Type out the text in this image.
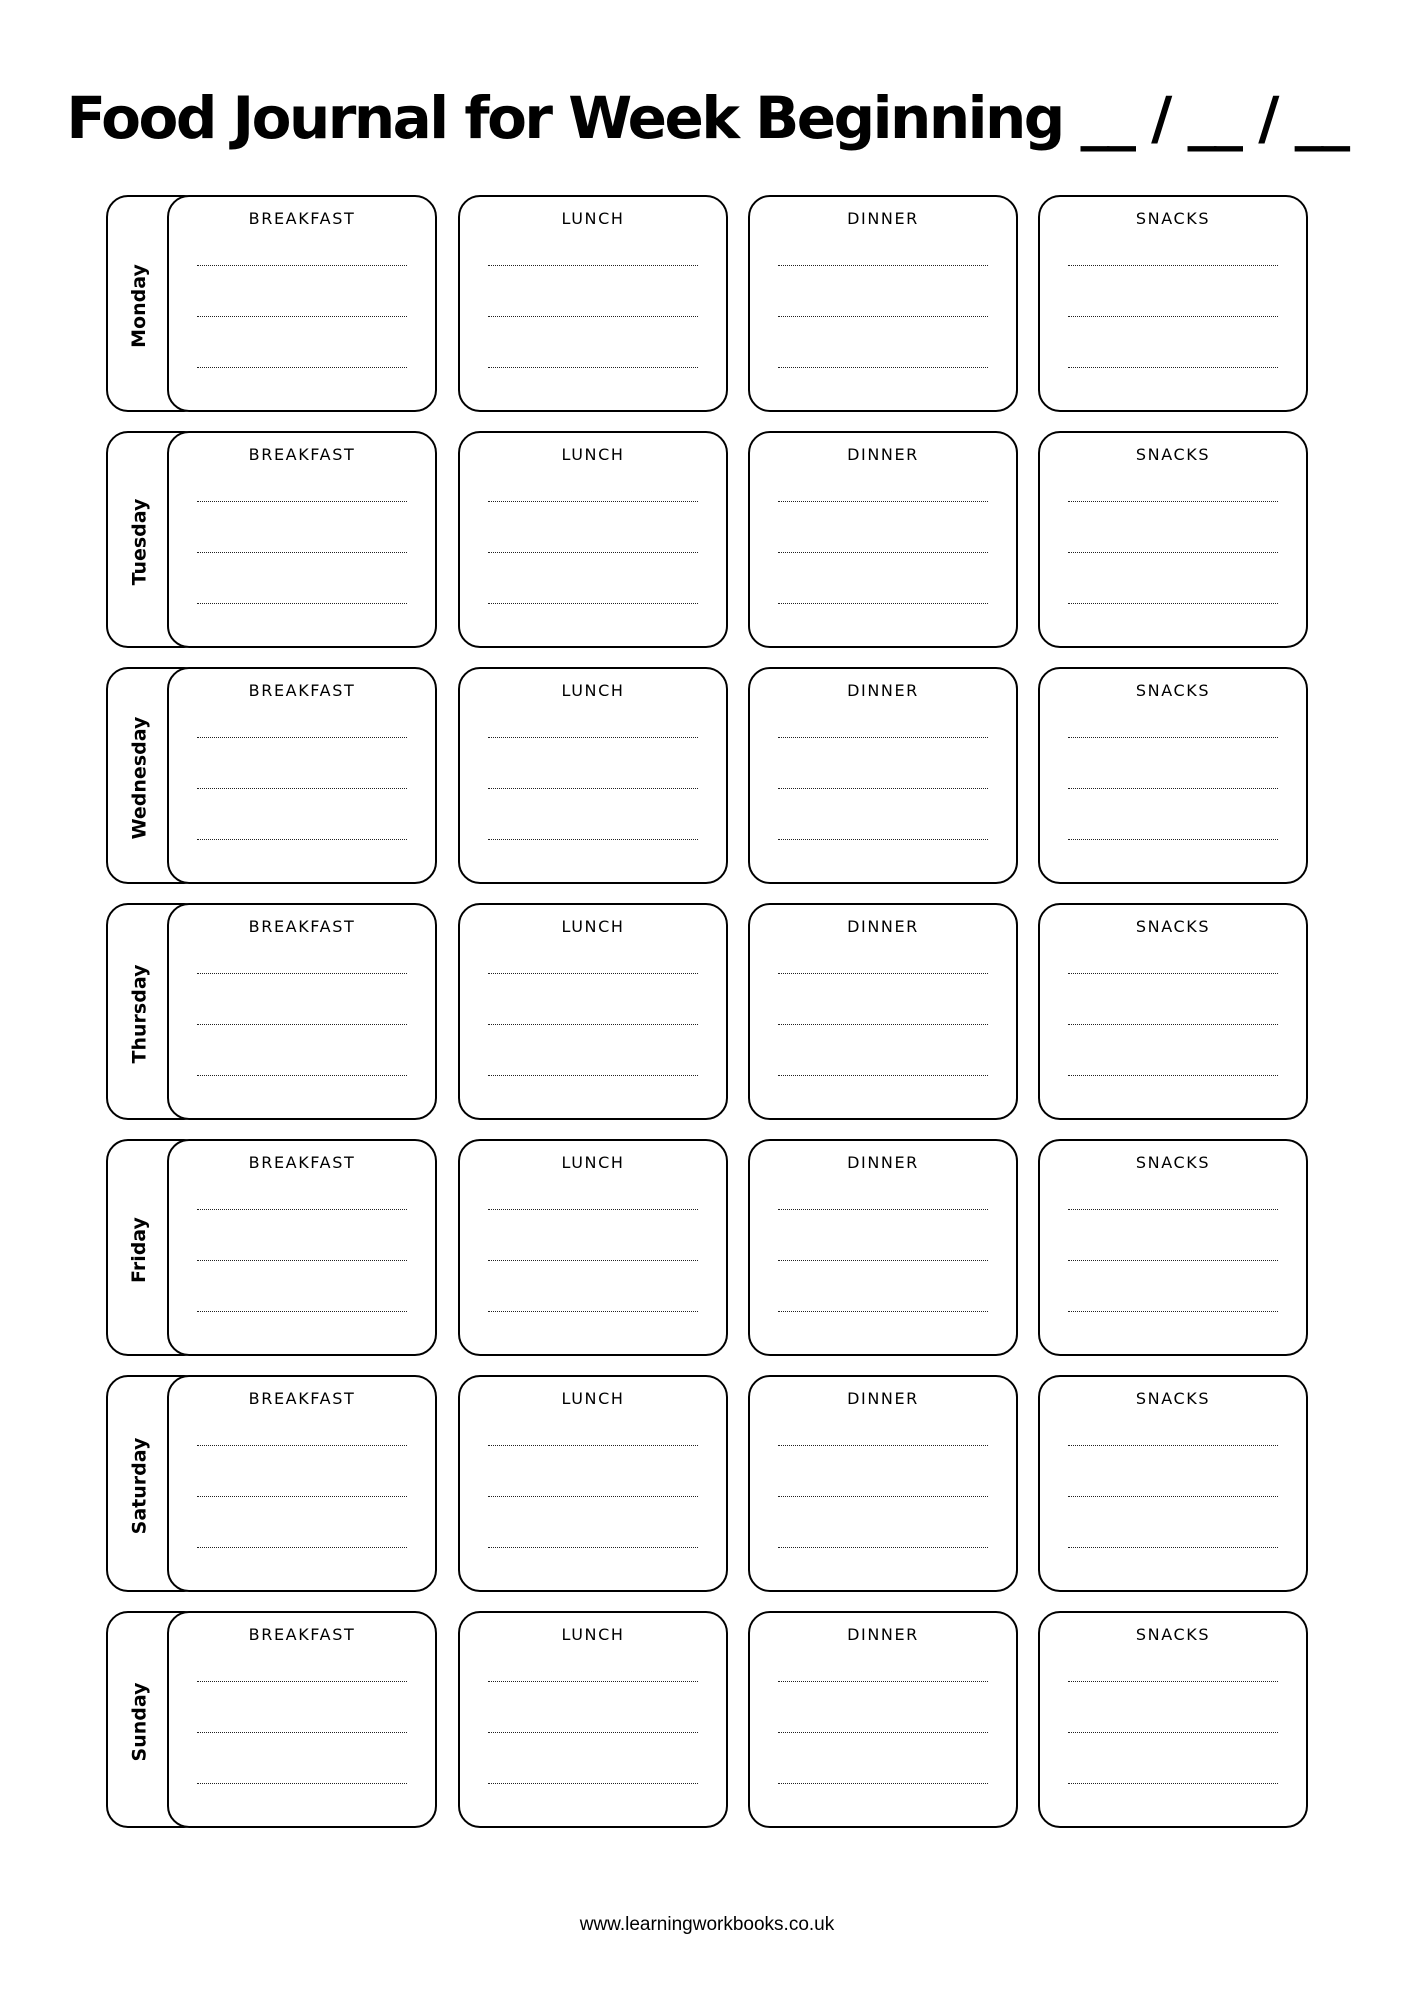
Food Journal for Week Beginning __ / __ / __
Monday
BREAKFAST	LUNCH	DINNER	SNACKS
Tuesday
BREAKFAST	LUNCH	DINNER	SNACKS
Wednesday
BREAKFAST	LUNCH	DINNER	SNACKS
Thursday
BREAKFAST	LUNCH	DINNER	SNACKS
Friday
BREAKFAST	LUNCH	DINNER	SNACKS
Saturday
BREAKFAST	LUNCH	DINNER	SNACKS
Sunday
BREAKFAST	LUNCH	DINNER	SNACKS
www.learningworkbooks.co.uk
